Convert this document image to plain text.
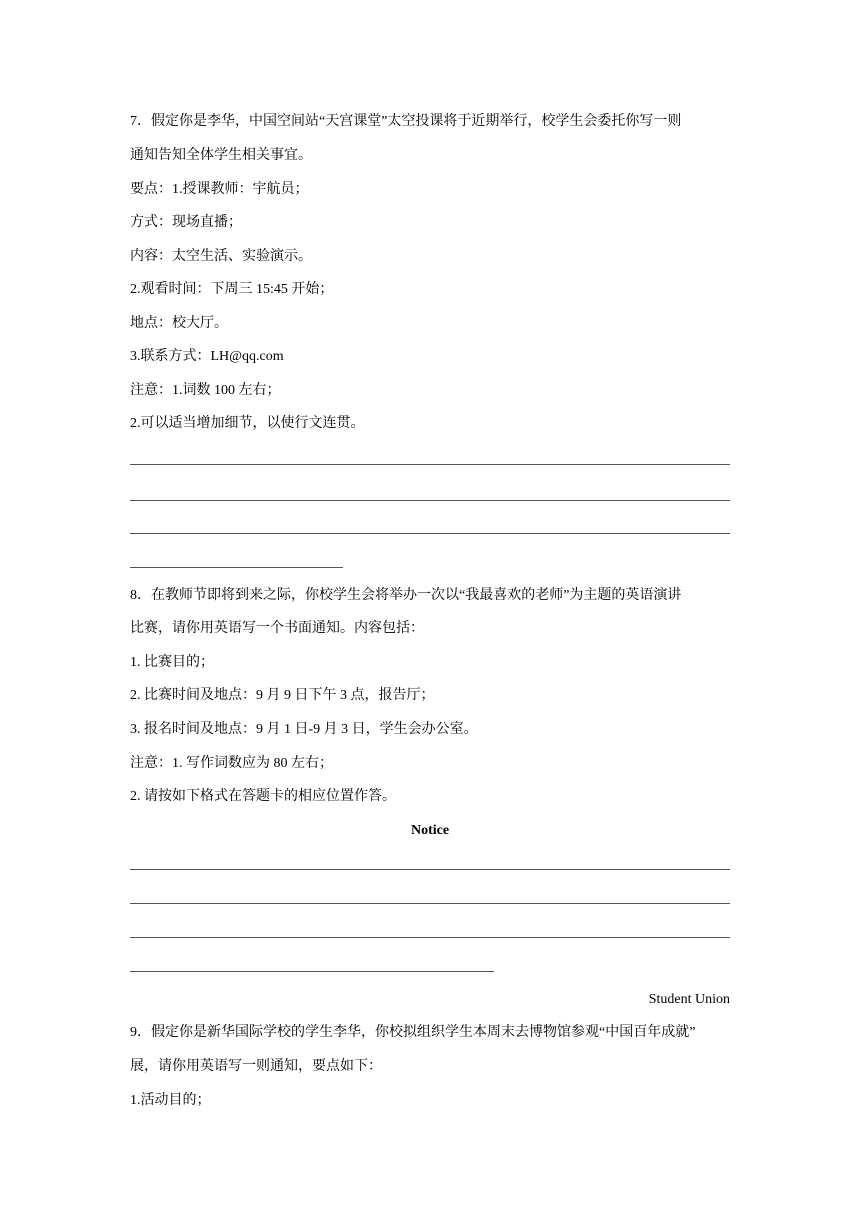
7．假定你是李华，中国空间站“天宫课堂”太空投课将于近期举行，校学生会委托你写一则
通知告知全体学生相关事宜。
要点：1.授课教师：宇航员；
方式：现场直播；
内容：太空生活、实验演示。
2.观看时间：下周三 15:45 开始；
地点：校大厅。
3.联系方式：LH@qq.com
注意：1.词数 100 左右；
2.可以适当增加细节，以使行文连贯。
8．在教师节即将到来之际，你校学生会将举办一次以“我最喜欢的老师”为主题的英语演讲
比赛，请你用英语写一个书面通知。内容包括：
1. 比赛目的；
2. 比赛时间及地点：9 月 9 日下午 3 点，报告厅；
3. 报名时间及地点：9 月 1 日-9 月 3 日，学生会办公室。
注意：1. 写作词数应为 80 左右；
2. 请按如下格式在答题卡的相应位置作答。
Notice
Student Union
9．假定你是新华国际学校的学生李华，你校拟组织学生本周末去博物馆参观“中国百年成就”
展，请你用英语写一则通知，要点如下：
1.活动目的；
